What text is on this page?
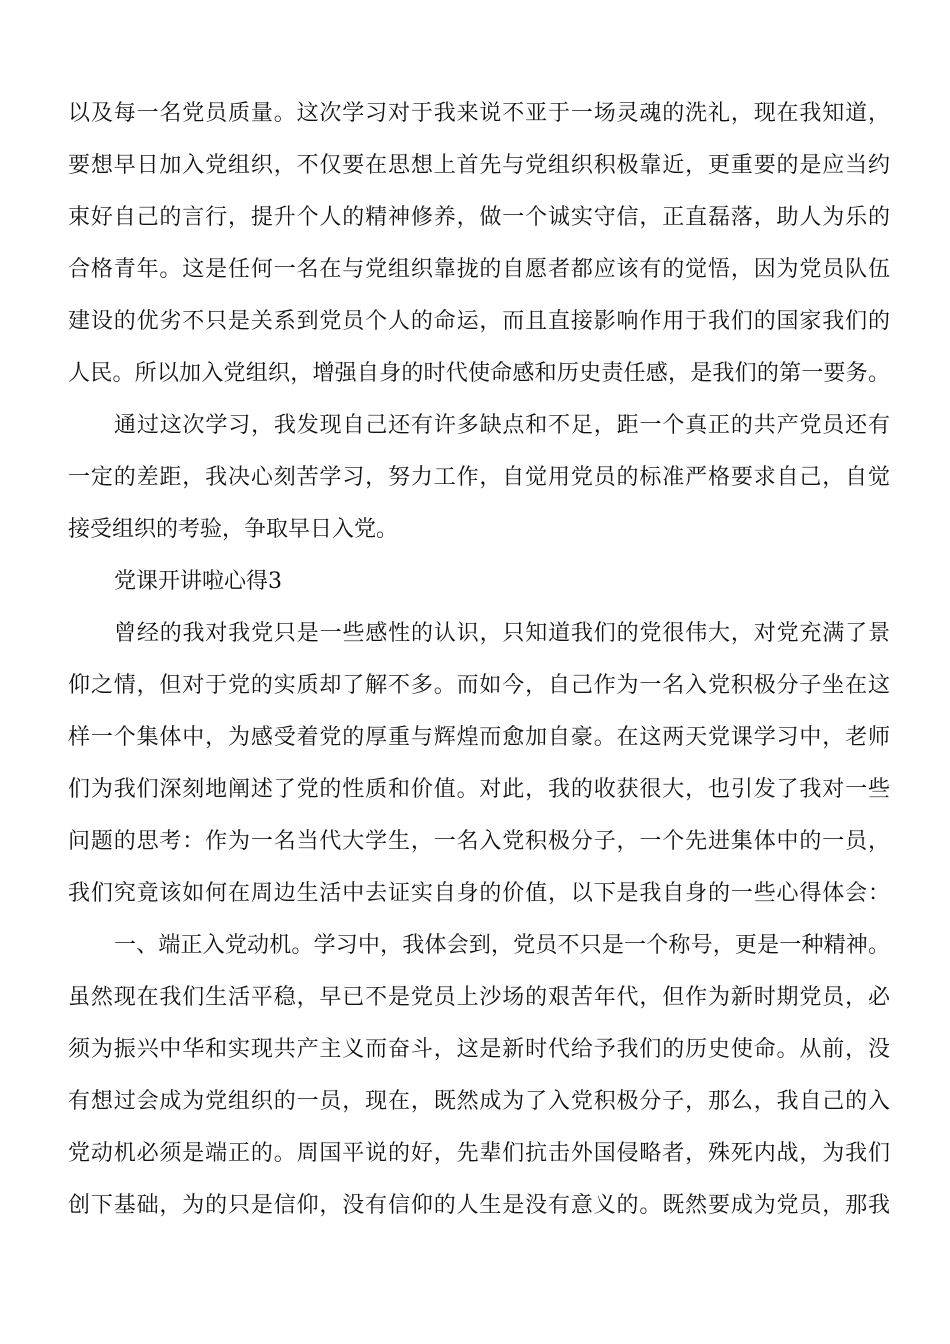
以及每一名党员质量。这次学习对于我来说不亚于一场灵魂的洗礼，现在我知道，
要想早日加入党组织，不仅要在思想上首先与党组织积极靠近，更重要的是应当约
束好自己的言行，提升个人的精神修养，做一个诚实守信，正直磊落，助人为乐的
合格青年。这是任何一名在与党组织靠拢的自愿者都应该有的觉悟，因为党员队伍
建设的优劣不只是关系到党员个人的命运，而且直接影响作用于我们的国家我们的
人民。所以加入党组织，增强自身的时代使命感和历史责任感，是我们的第一要务。
通过这次学习，我发现自己还有许多缺点和不足，距一个真正的共产党员还有
一定的差距，我决心刻苦学习，努力工作，自觉用党员的标准严格要求自己，自觉
接受组织的考验，争取早日入党。
党课开讲啦心得3
曾经的我对我党只是一些感性的认识，只知道我们的党很伟大，对党充满了景
仰之情，但对于党的实质却了解不多。而如今，自己作为一名入党积极分子坐在这
样一个集体中，为感受着党的厚重与辉煌而愈加自豪。在这两天党课学习中，老师
们为我们深刻地阐述了党的性质和价值。对此，我的收获很大，也引发了我对一些
问题的思考：作为一名当代大学生，一名入党积极分子，一个先进集体中的一员，
我们究竟该如何在周边生活中去证实自身的价值，以下是我自身的一些心得体会：
一、端正入党动机。学习中，我体会到，党员不只是一个称号，更是一种精神。
虽然现在我们生活平稳，早已不是党员上沙场的艰苦年代，但作为新时期党员，必
须为振兴中华和实现共产主义而奋斗，这是新时代给予我们的历史使命。从前，没
有想过会成为党组织的一员，现在，既然成为了入党积极分子，那么，我自己的入
党动机必须是端正的。周国平说的好，先辈们抗击外国侵略者，殊死内战，为我们
创下基础，为的只是信仰，没有信仰的人生是没有意义的。既然要成为党员，那我
